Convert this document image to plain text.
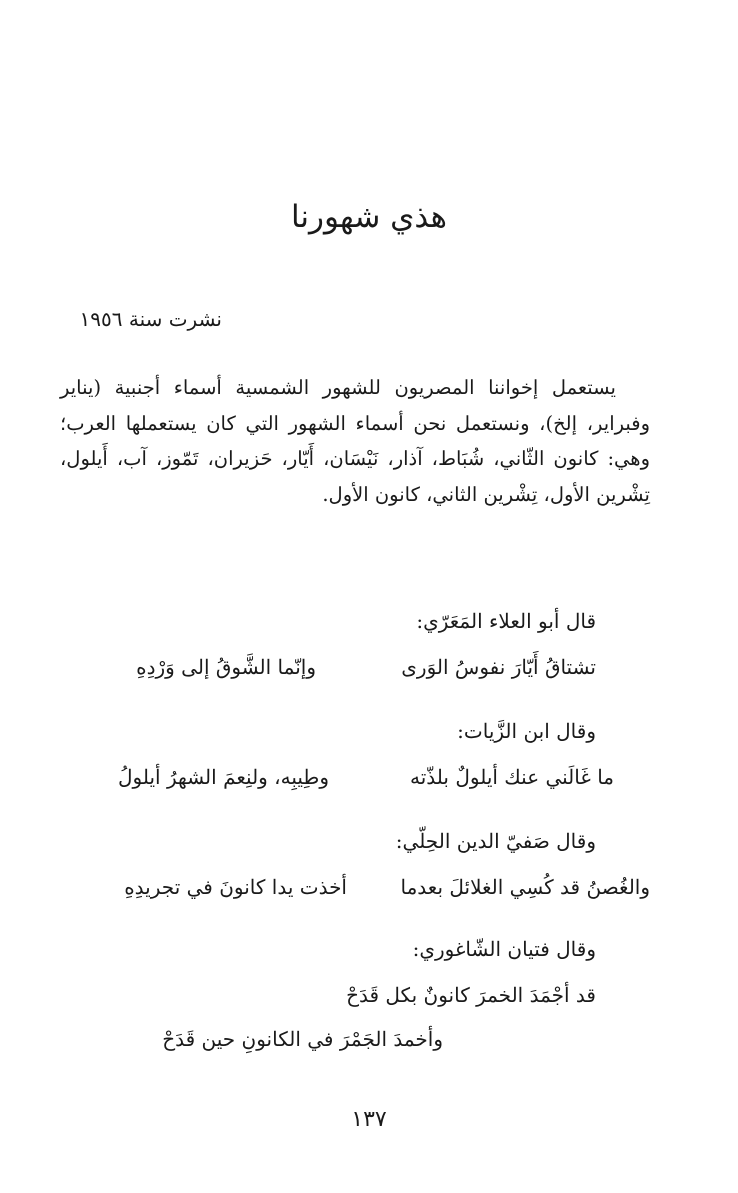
هذي شهورنا
نشرت سنة ١٩٥٦
يستعمل إخواننا المصريون للشهور الشمسية أسماء أجنبية (يناير وفبراير، إلخ)، ونستعمل نحن أسماء الشهور التي كان يستعملها العرب؛ وهي: كانون الثّاني، شُبَاط، آذار، نَيْسَان، أَيّار، حَزيران، تَمّوز، آب، أَيلول، تِشْرين الأول، تِشْرين الثاني، كانون الأول.
قال أبو العلاء المَعَرّي:
تشتاقُ أَيّارَ نفوسُ الوَرى
وإنّما الشَّوقُ إلى وَرْدِهِ
وقال ابن الزَّيات:
ما غَالَني عنك أيلولٌ بلذّته
وطِيبِه، ولنِعمَ الشهرُ أيلولُ
وقال صَفيّ الدين الحِلّي:
والغُصنُ قد كُسِي الغلائلَ بعدما
أخذت يدا كانونَ في تجريدِهِ
وقال فتيان الشّاغوري:
قد أجْمَدَ الخمرَ كانونٌ بكل قَدَحْ
وأخمدَ الجَمْرَ في الكانونِ حين قَدَحْ
١٣٧
